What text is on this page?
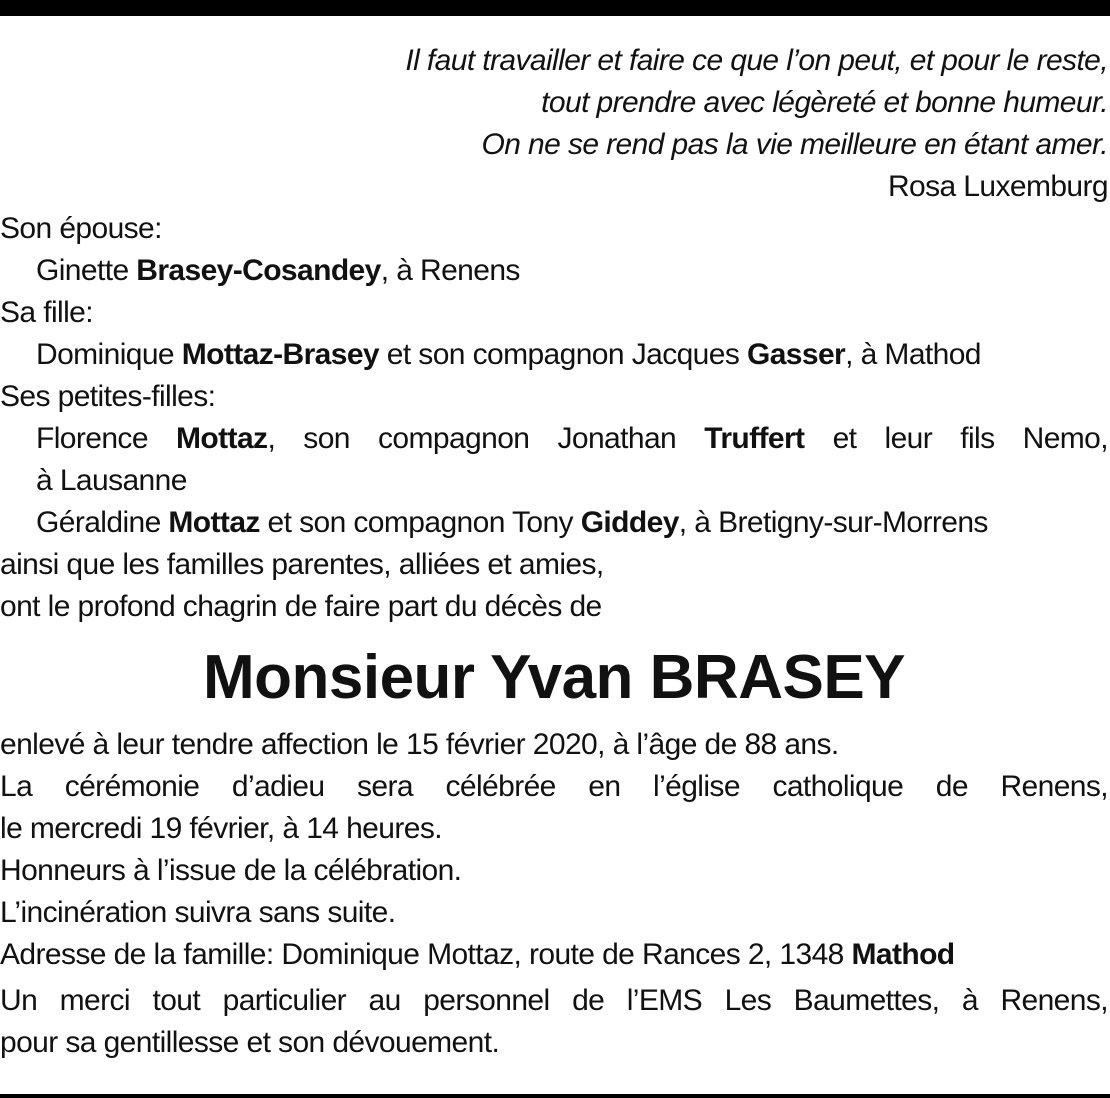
Il faut travailler et faire ce que l’on peut, et pour le reste,
tout prendre avec légèreté et bonne humeur.
On ne se rend pas la vie meilleure en étant amer.
Rosa Luxemburg
Son épouse:
Ginette Brasey-Cosandey, à Renens
Sa fille:
Dominique Mottaz-Brasey et son compagnon Jacques Gasser, à Mathod
Ses petites-filles:
Florence Mottaz, son compagnon Jonathan Truffert et leur fils Nemo,
à Lausanne
Géraldine Mottaz et son compagnon Tony Giddey, à Bretigny-sur-Morrens
ainsi que les familles parentes, alliées et amies,
ont le profond chagrin de faire part du décès de
Monsieur Yvan BRASEY
enlevé à leur tendre affection le 15 février 2020, à l’âge de 88 ans.
La cérémonie d’adieu sera célébrée en l’église catholique de Renens,
le mercredi 19 février, à 14 heures.
Honneurs à l’issue de la célébration.
L’incinération suivra sans suite.
Adresse de la famille: Dominique Mottaz, route de Rances 2, 1348 Mathod
Un merci tout particulier au personnel de l’EMS Les Baumettes, à Renens,
pour sa gentillesse et son dévouement.
